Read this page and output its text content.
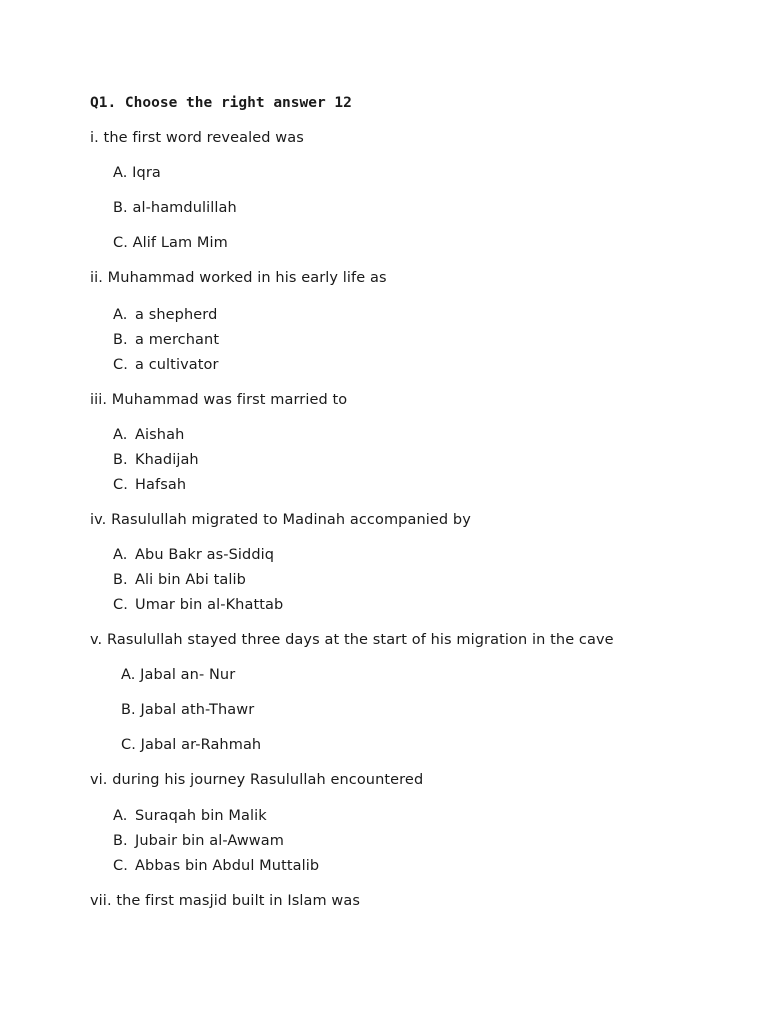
Q1. Choose the right answer 12
i. the first word revealed was
A. Iqra
B. al-hamdulillah
C. Alif Lam Mim
ii. Muhammad worked in his early life as
A. a shepherd
B. a merchant
C. a cultivator
iii. Muhammad was first married to
A. Aishah
B. Khadijah
C. Hafsah
iv. Rasulullah migrated to Madinah accompanied by
A. Abu Bakr as-Siddiq
B. Ali bin Abi talib
C. Umar bin al-Khattab
v. Rasulullah stayed three days at the start of his migration in the cave
A. Jabal an- Nur
B. Jabal ath-Thawr
C. Jabal ar-Rahmah
vi. during his journey Rasulullah encountered
A. Suraqah bin Malik
B. Jubair bin al-Awwam
C. Abbas bin Abdul Muttalib
vii. the first masjid built in Islam was
